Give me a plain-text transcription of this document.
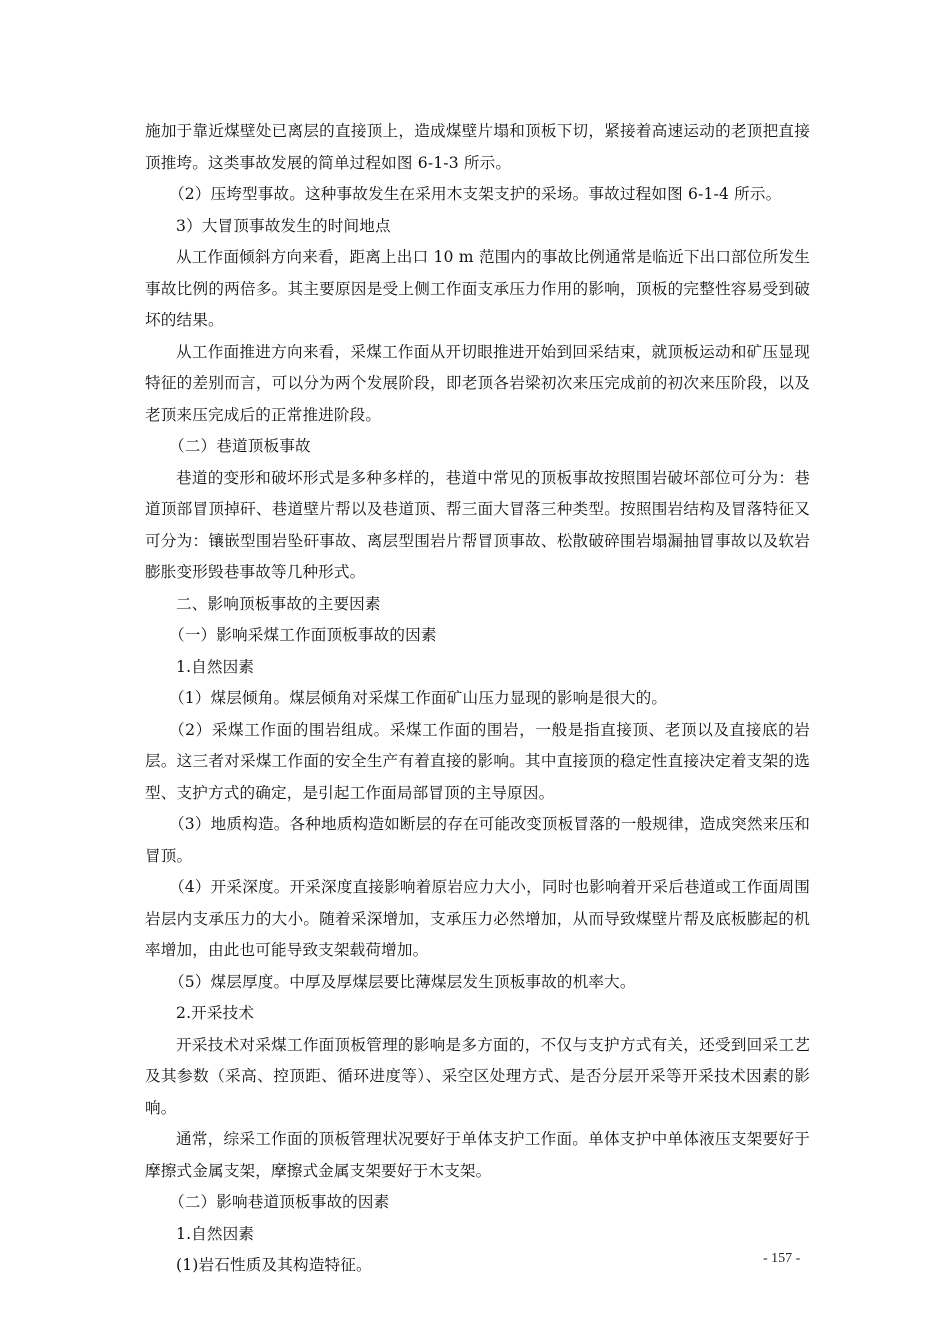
施加于靠近煤壁处已离层的直接顶上，造成煤壁片塌和顶板下切，紧接着高速运动的老顶把直接顶推垮。这类事故发展的简单过程如图 6-1-3 所示。

（2）压垮型事故。这种事故发生在采用木支架支护的采场。事故过程如图 6-1-4 所示。

3）大冒顶事故发生的时间地点

从工作面倾斜方向来看，距离上出口 10 m 范围内的事故比例通常是临近下出口部位所发生事故比例的两倍多。其主要原因是受上侧工作面支承压力作用的影响，顶板的完整性容易受到破坏的结果。

从工作面推进方向来看，采煤工作面从开切眼推进开始到回采结束，就顶板运动和矿压显现特征的差别而言，可以分为两个发展阶段，即老顶各岩梁初次来压完成前的初次来压阶段，以及老顶来压完成后的正常推进阶段。

（二）巷道顶板事故

巷道的变形和破坏形式是多种多样的，巷道中常见的顶板事故按照围岩破坏部位可分为：巷道顶部冒顶掉矸、巷道壁片帮以及巷道顶、帮三面大冒落三种类型。按照围岩结构及冒落特征又可分为：镶嵌型围岩坠矸事故、离层型围岩片帮冒顶事故、松散破碎围岩塌漏抽冒事故以及软岩膨胀变形毁巷事故等几种形式。

二、影响顶板事故的主要因素

（一）影响采煤工作面顶板事故的因素

1.自然因素

（1）煤层倾角。煤层倾角对采煤工作面矿山压力显现的影响是很大的。

（2）采煤工作面的围岩组成。采煤工作面的围岩，一般是指直接顶、老顶以及直接底的岩层。这三者对采煤工作面的安全生产有着直接的影响。其中直接顶的稳定性直接决定着支架的选型、支护方式的确定，是引起工作面局部冒顶的主导原因。

（3）地质构造。各种地质构造如断层的存在可能改变顶板冒落的一般规律，造成突然来压和冒顶。

（4）开采深度。开采深度直接影响着原岩应力大小，同时也影响着开采后巷道或工作面周围岩层内支承压力的大小。随着采深增加，支承压力必然增加，从而导致煤壁片帮及底板膨起的机率增加，由此也可能导致支架载荷增加。

（5）煤层厚度。中厚及厚煤层要比薄煤层发生顶板事故的机率大。

2.开采技术

开采技术对采煤工作面顶板管理的影响是多方面的，不仅与支护方式有关，还受到回采工艺及其参数（采高、控顶距、循环进度等）、采空区处理方式、是否分层开采等开采技术因素的影响。

通常，综采工作面的顶板管理状况要好于单体支护工作面。单体支护中单体液压支架要好于摩擦式金属支架，摩擦式金属支架要好于木支架。

（二）影响巷道顶板事故的因素

1.自然因素

(1)岩石性质及其构造特征。	- 157 -
